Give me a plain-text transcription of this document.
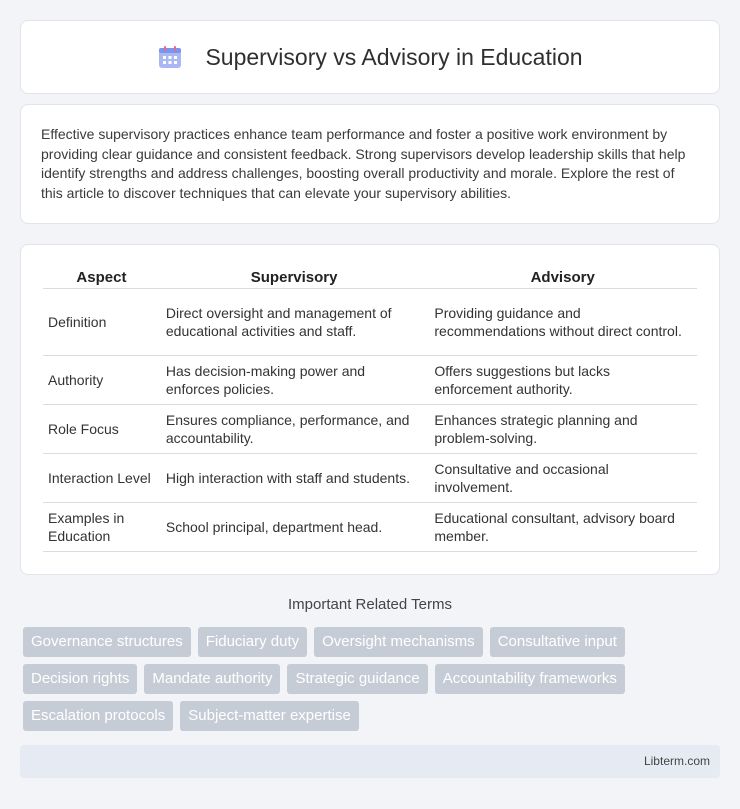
Supervisory vs Advisory in Education

Effective supervisory practices enhance team performance and foster a positive work environment by providing clear guidance and consistent feedback. Strong supervisors develop leadership skills that help identify strengths and address challenges, boosting overall productivity and morale. Explore the rest of this article to discover techniques that can elevate your supervisory abilities.

Aspect	Supervisory	Advisory
Definition	Direct oversight and management of educational activities and staff.	Providing guidance and recommendations without direct control.
Authority	Has decision-making power and enforces policies.	Offers suggestions but lacks enforcement authority.
Role Focus	Ensures compliance, performance, and accountability.	Enhances strategic planning and problem-solving.
Interaction Level	High interaction with staff and students.	Consultative and occasional involvement.
Examples in Education	School principal, department head.	Educational consultant, advisory board member.
Important Related Terms
Governance structures	Fiduciary duty	Oversight mechanisms	Consultative input
Decision rights	Mandate authority	Strategic guidance	Accountability frameworks
Escalation protocols	Subject-matter expertise
Libterm.com
